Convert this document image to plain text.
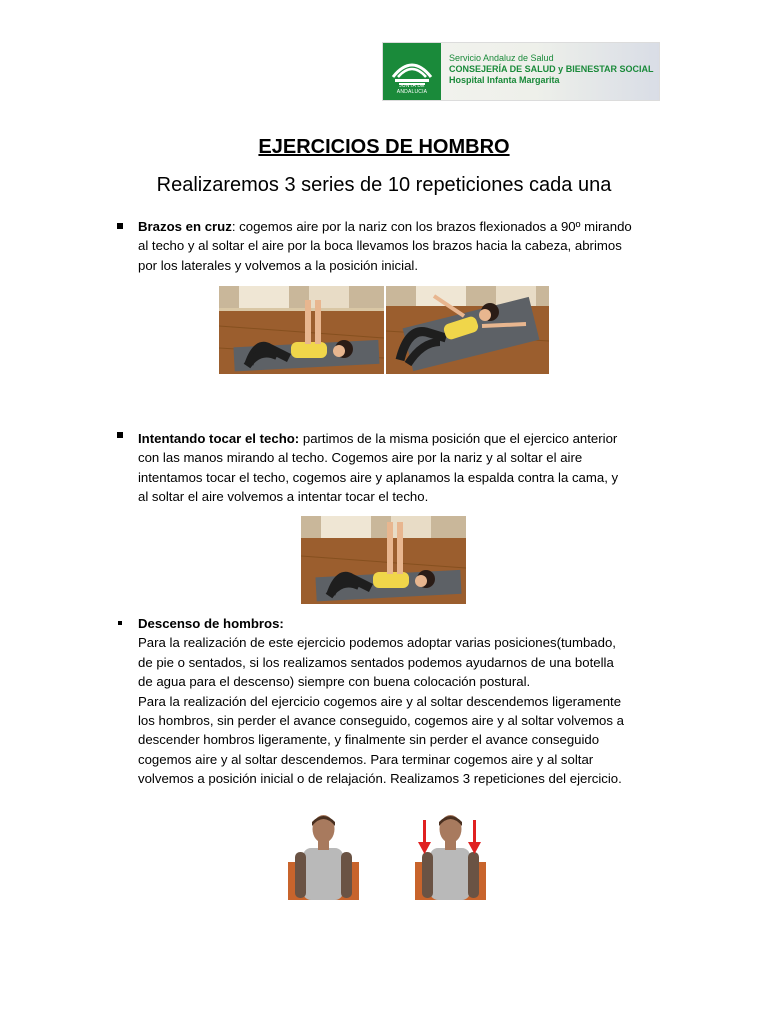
JUNTA DE ANDALUCIA
Servicio Andaluz de Salud
CONSEJERÍA DE SALUD y BIENESTAR SOCIAL
Hospital Infanta Margarita
EJERCICIOS DE HOMBRO
Realizaremos 3 series de 10 repeticiones cada una
Brazos en cruz: cogemos aire por la nariz con los brazos flexionados a 90º mirando
al techo y al soltar el aire por la boca llevamos los brazos hacia la cabeza, abrimos
por los laterales y volvemos a la posición inicial.
Intentando tocar el techo: partimos de la misma posición que el ejercico anterior
con las manos mirando al techo. Cogemos aire por la nariz y al soltar el aire
intentamos tocar el techo, cogemos aire y aplanamos la espalda contra la cama, y
al soltar el aire volvemos a intentar tocar el techo.
Descenso de hombros:
Para la realización de este ejercicio podemos adoptar varias posiciones(tumbado,
de pie o sentados, si los realizamos sentados podemos ayudarnos de una botella
de agua para el descenso) siempre con buena colocación postural.
Para la realización del ejercicio cogemos aire y al soltar descendemos ligeramente
los hombros, sin perder el avance conseguido, cogemos aire y al soltar volvemos a
descender hombros ligeramente, y finalmente sin perder el avance conseguido
cogemos aire y al soltar descendemos. Para terminar cogemos aire y al soltar
volvemos a posición inicial o de relajación. Realizamos 3 repeticiones del ejercicio.
